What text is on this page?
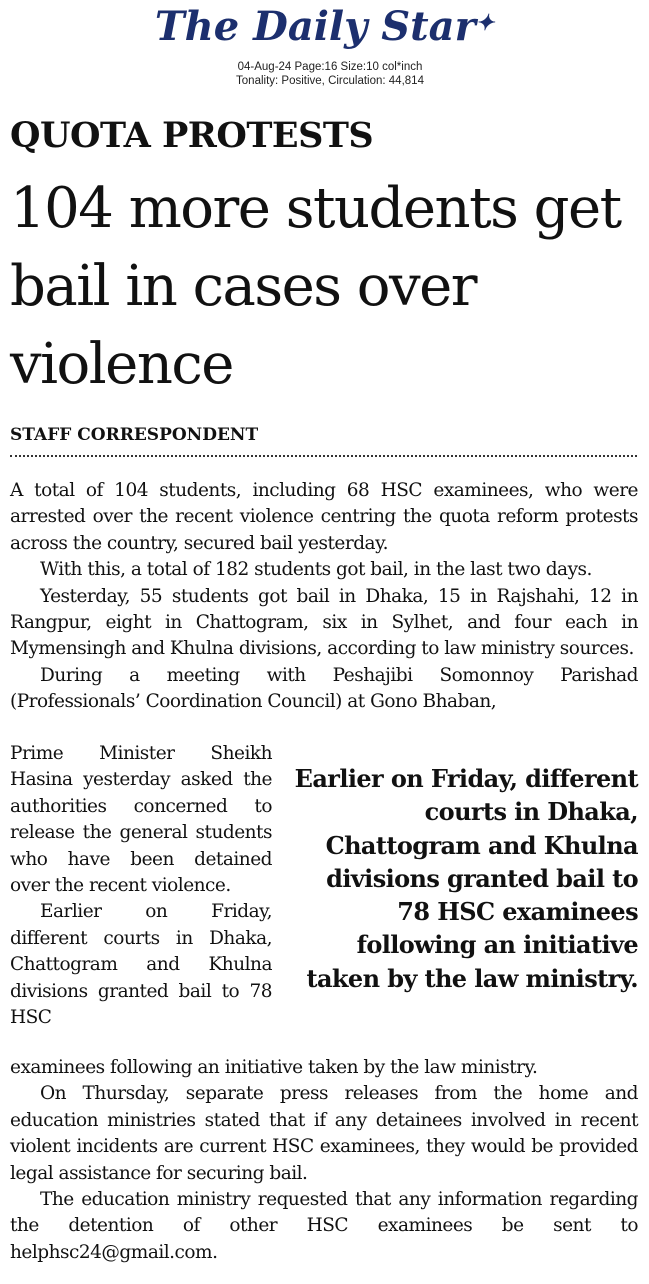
The Daily Star✦
04-Aug-24 Page:16 Size:10 col*inch
Tonality: Positive, Circulation: 44,814
QUOTA PROTESTS
104 more students get bail in cases over violence
STAFF CORRESPONDENT

A total of 104 students, including 68 HSC examinees, who were arrested over the recent violence centring the quota reform protests across the country, secured bail yesterday.

With this, a total of 182 students got bail, in the last two days.

Yesterday, 55 students got bail in Dhaka, 15 in Rajshahi, 12 in Rangpur, eight in Chattogram, six in Sylhet, and four each in Mymensingh and Khulna divisions, according to law ministry sources.

During a meeting with Peshajibi Somonnoy Parishad (Professionals’ Coordination Council) at Gono Bhaban,

Prime Minister Sheikh Hasina yesterday asked the authorities concerned to release the general students who have been detained over the recent violence.

Earlier on Friday, different courts in Dhaka, Chattogram and Khulna divisions granted bail to 78 HSC

Earlier on Friday, different courts in Dhaka, Chattogram and Khulna divisions granted bail to 78 HSC examinees following an initiative taken by the law ministry.

examinees following an initiative taken by the law ministry.

On Thursday, separate press releases from the home and education ministries stated that if any detainees involved in recent violent incidents are current HSC examinees, they would be provided legal assistance for securing bail.

The education ministry requested that any information regarding the detention of other HSC examinees be sent to helphsc24@gmail.com.
